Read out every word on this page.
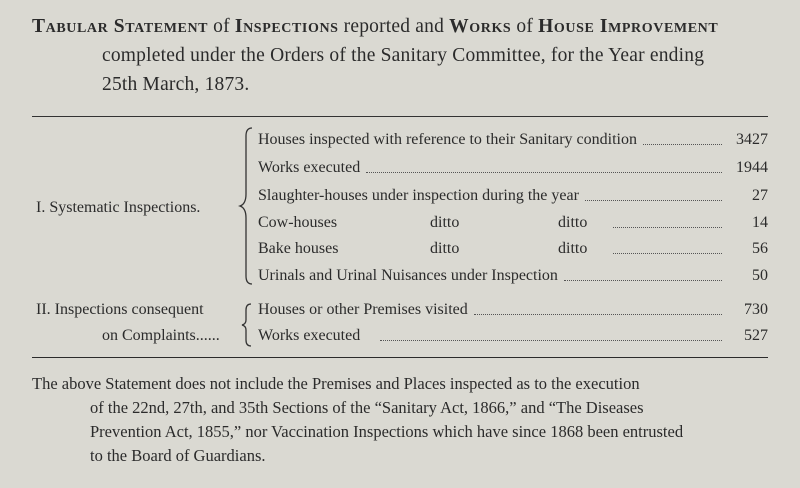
Tabular Statement of Inspections reported and Works of House Improvement
completed under the Orders of the Sanitary Committee, for the Year ending
25th March, 1873.
I. Systematic Inspections.
Houses inspected with reference to their Sanitary condition	3427
Works executed	1944
Slaughter-houses under inspection during the year	27
Cow-houses	ditto	ditto	14
Bake houses	ditto	ditto	56
Urinals and Urinal Nuisances under Inspection	50
II. Inspections consequent
on Complaints......
Houses or other Premises visited	730
Works executed	527
The above Statement does not include the Premises and Places inspected as to the execution
of the 22nd, 27th, and 35th Sections of the “Sanitary Act, 1866,” and “The Diseases
Prevention Act, 1855,” nor Vaccination Inspections which have since 1868 been entrusted
to the Board of Guardians.
